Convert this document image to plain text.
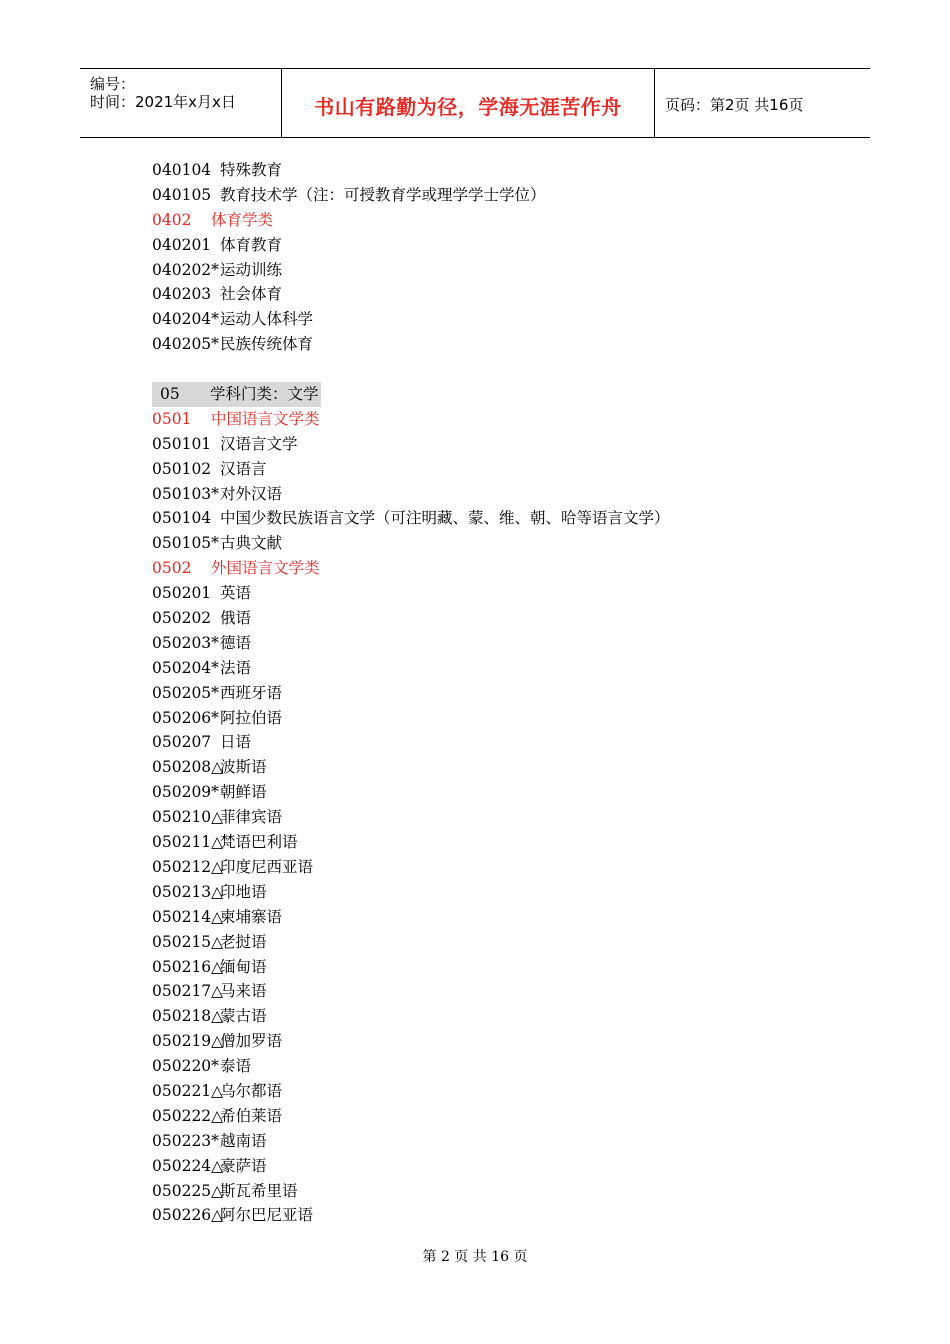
编号：
时间：2021年x月x日	书山有路勤为径，学海无涯苦作舟	页码：第2页 共16页
040104 特殊教育
040105 教育技术学（注：可授教育学或理学学士学位）
0402 体育学类
040201 体育教育
040202*运动训练
040203 社会体育
040204*运动人体科学
040205*民族传统体育
05 学科门类：文学
0501 中国语言文学类
050101 汉语言文学
050102 汉语言
050103*对外汉语
050104 中国少数民族语言文学（可注明藏、蒙、维、朝、哈等语言文学）
050105*古典文献
0502 外国语言文学类
050201 英语
050202 俄语
050203*德语
050204*法语
050205*西班牙语
050206*阿拉伯语
050207 日语
050208△波斯语
050209*朝鲜语
050210△菲律宾语
050211△梵语巴利语
050212△印度尼西亚语
050213△印地语
050214△柬埔寨语
050215△老挝语
050216△缅甸语
050217△马来语
050218△蒙古语
050219△僧加罗语
050220*泰语
050221△乌尔都语
050222△希伯莱语
050223*越南语
050224△豪萨语
050225△斯瓦希里语
050226△阿尔巴尼亚语
第 2 页 共 16 页
